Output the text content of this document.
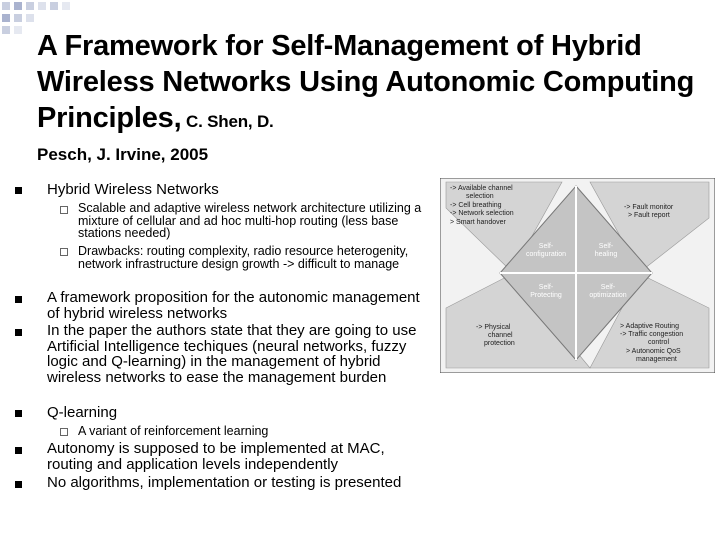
A Framework for Self-Management of Hybrid Wireless Networks Using Autonomic Computing Principles, C. Shen, D.
Pesch, J. Irvine, 2005
Hybrid Wireless Networks
Scalable and adaptive wireless network architecture utilizing a mixture of cellular and ad hoc multi-hop routing (less base stations needed)
Drawbacks: routing complexity, radio resource heterogenity, network infrastructure design growth -> difficult to manage
A framework proposition for the autonomic management of hybrid wireless networks
In the paper the authors state that they are going to use Artificial Intelligence techiques (neural networks, fuzzy logic and Q-learning) in the management of hybrid wireless networks to ease the management burden
Q-learning
A variant of reinforcement learning
Autonomy is supposed to be implemented at MAC, routing and application levels independently
No algorithms, implementation or testing is presented
-> Available channel
selection
-> Cell breathing
-> Network selection
> Smart handover
-> Fault monitor
> Fault report
-> Physical
channel
protection
> Adaptive Routing
-> Traffic congestion
control
> Autonomic QoS
management
Self-
configuration
Self-
healing
Self-
Protecting
Self-
optimization
